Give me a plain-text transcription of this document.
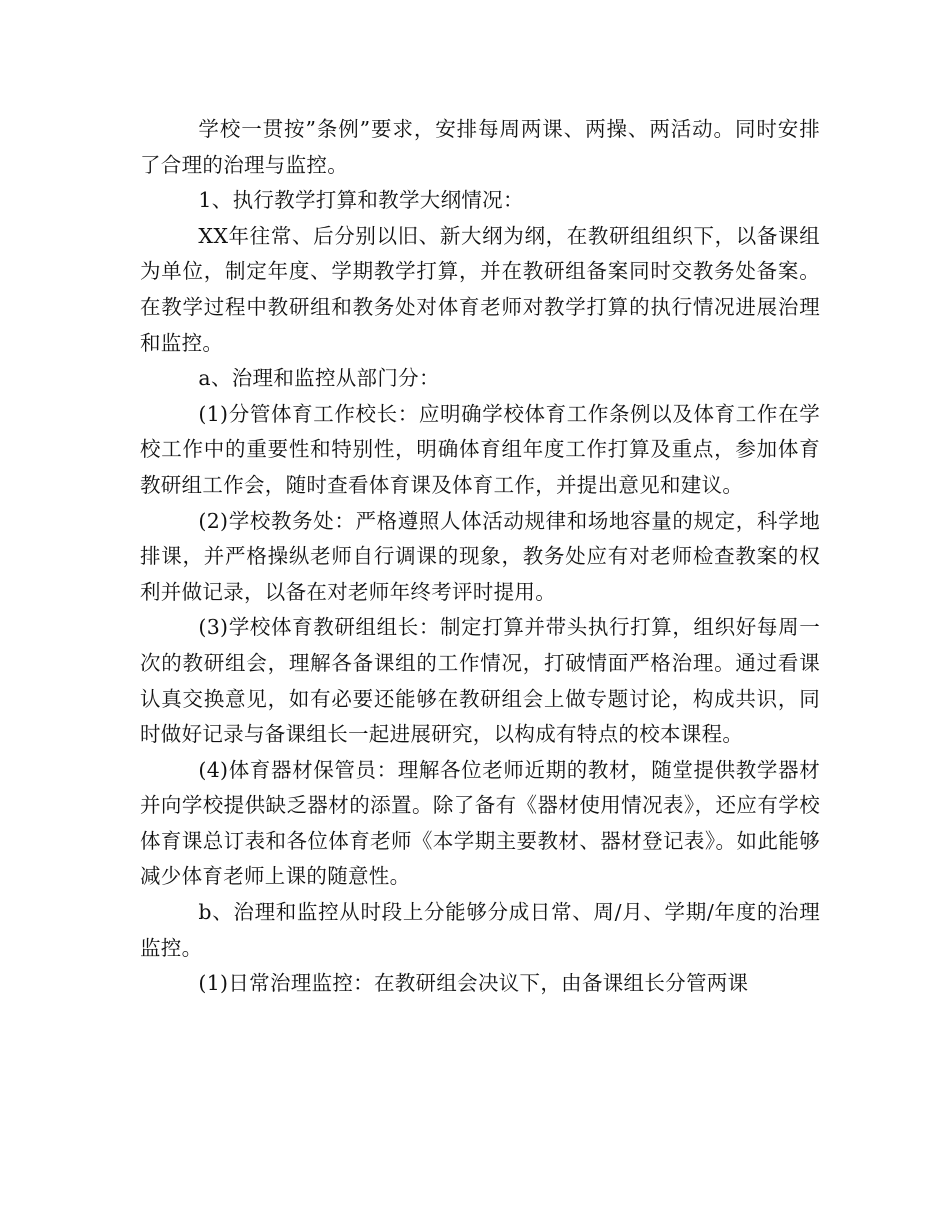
学校一贯按”条例”要求，安排每周两课、两操、两活动。同时安排了合理的治理与监控。

1、执行教学打算和教学大纲情况：

XX年往常、后分别以旧、新大纲为纲，在教研组组织下，以备课组为单位，制定年度、学期教学打算，并在教研组备案同时交教务处备案。在教学过程中教研组和教务处对体育老师对教学打算的执行情况进展治理和监控。

a、治理和监控从部门分：

(1)分管体育工作校长：应明确学校体育工作条例以及体育工作在学校工作中的重要性和特别性，明确体育组年度工作打算及重点，参加体育教研组工作会，随时查看体育课及体育工作，并提出意见和建议。

(2)学校教务处：严格遵照人体活动规律和场地容量的规定，科学地排课，并严格操纵老师自行调课的现象，教务处应有对老师检查教案的权利并做记录，以备在对老师年终考评时提用。

(3)学校体育教研组组长：制定打算并带头执行打算，组织好每周一次的教研组会，理解各备课组的工作情况，打破情面严格治理。通过看课认真交换意见，如有必要还能够在教研组会上做专题讨论，构成共识，同时做好记录与备课组长一起进展研究，以构成有特点的校本课程。

(4)体育器材保管员：理解各位老师近期的教材，随堂提供教学器材并向学校提供缺乏器材的添置。除了备有《器材使用情况表》，还应有学校体育课总订表和各位体育老师《本学期主要教材、器材登记表》。如此能够减少体育老师上课的随意性。

b、治理和监控从时段上分能够分成日常、周/月、学期/年度的治理监控。

(1)日常治理监控：在教研组会决议下，由备课组长分管两课
